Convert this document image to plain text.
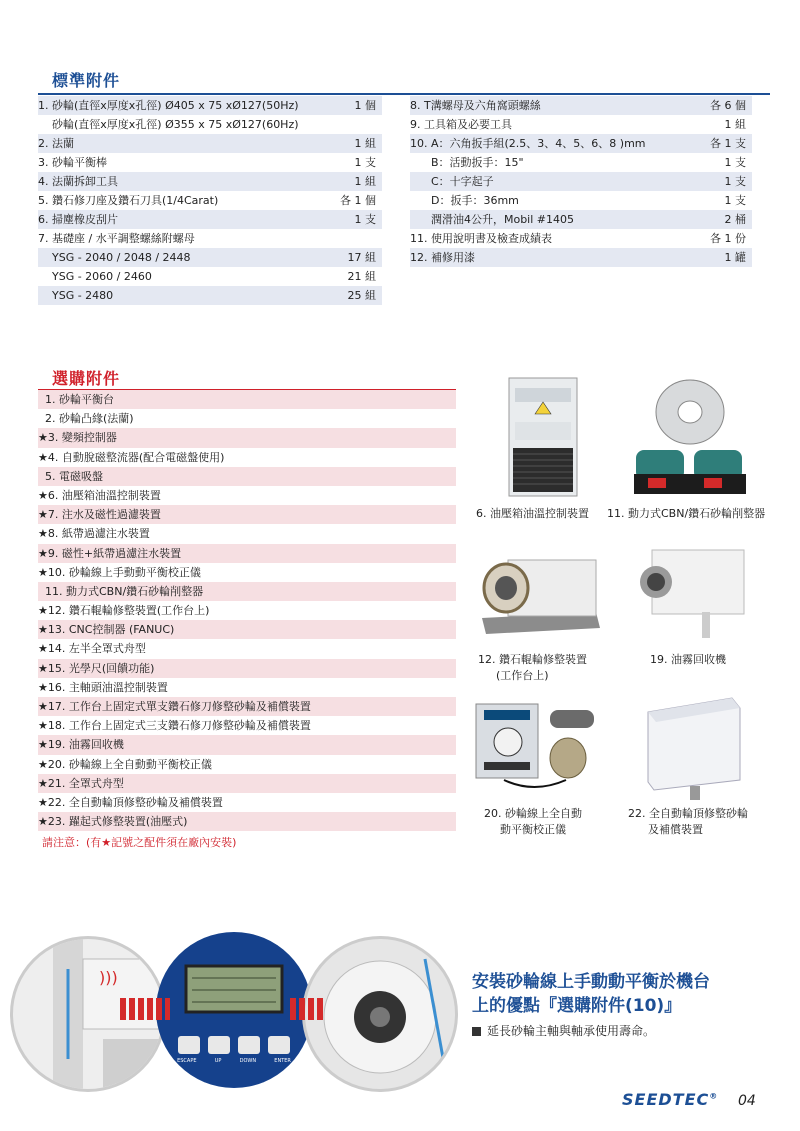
標準附件
1. 砂輪(直徑x厚度x孔徑) Ø405 x 75 xØ127(50Hz)	1 個
砂輪(直徑x厚度x孔徑) Ø355 x 75 xØ127(60Hz)
2. 法蘭	1 組
3. 砂輪平衡棒	1 支
4. 法蘭拆卸工具	1 組
5. 鑽石修刀座及鑽石刀具(1/4Carat)	各 1 個
6. 掃塵橡皮刮片	1 支
7. 基礎座 / 水平調整螺絲附螺母
YSG - 2040 / 2048 / 2448	17 組
YSG - 2060 / 2460	21 組
YSG - 2480	25 組
8. T溝螺母及六角窩頭螺絲	各 6 個
9. 工具箱及必要工具	1 組
10. A：六角扳手組(2.5、3、4、5、6、8 )mm	各 1 支
B：活動扳手：15"	1 支
C：十字起子	1 支
D：扳手：36mm	1 支
潤滑油4公升，Mobil #1405	2 桶
11. 使用說明書及檢查成績表	各 1 份
12. 補修用漆	1 罐
選購附件
1. 砂輪平衡台
2. 砂輪凸緣(法蘭)
★3. 變頻控制器
★4. 自動脫磁整流器(配合電磁盤使用)
5. 電磁吸盤
★6. 油壓箱油溫控制裝置
★7. 注水及磁性過濾裝置
★8. 紙帶過濾注水裝置
★9. 磁性+紙帶過濾注水裝置
★10. 砂輪線上手動動平衡校正儀
11. 動力式CBN/鑽石砂輪削整器
★12. 鑽石輥輪修整裝置(工作台上)
★13. CNC控制器 (FANUC)
★14. 左半全罩式舟型
★15. 光學尺(回饋功能)
★16. 主軸頭油溫控制裝置
★17. 工作台上固定式單支鑽石修刀修整砂輪及補償裝置
★18. 工作台上固定式三支鑽石修刀修整砂輪及補償裝置
★19. 油霧回收機
★20. 砂輪線上全自動動平衡校正儀
★21. 全罩式舟型
★22. 全自動輪頂修整砂輪及補償裝置
★23. 躍起式修整裝置(油壓式)
請注意：(有★記號之配件須在廠內安裝)
6. 油壓箱油溫控制裝置 11. 動力式CBN/鑽石砂輪削整器
12. 鑽石輥輪修整裝置
(工作台上)
19. 油霧回收機
20. 砂輪線上全自動
動平衡校正儀
22. 全自動輪頂修整砂輪
及補償裝置
)))
ESCAPE	UP	DOWN	ENTER
安裝砂輪線上手動動平衡於機台
上的優點『選購附件(10)』
延長砂輪主軸與軸承使用壽命。
SEEDTEC® 04
